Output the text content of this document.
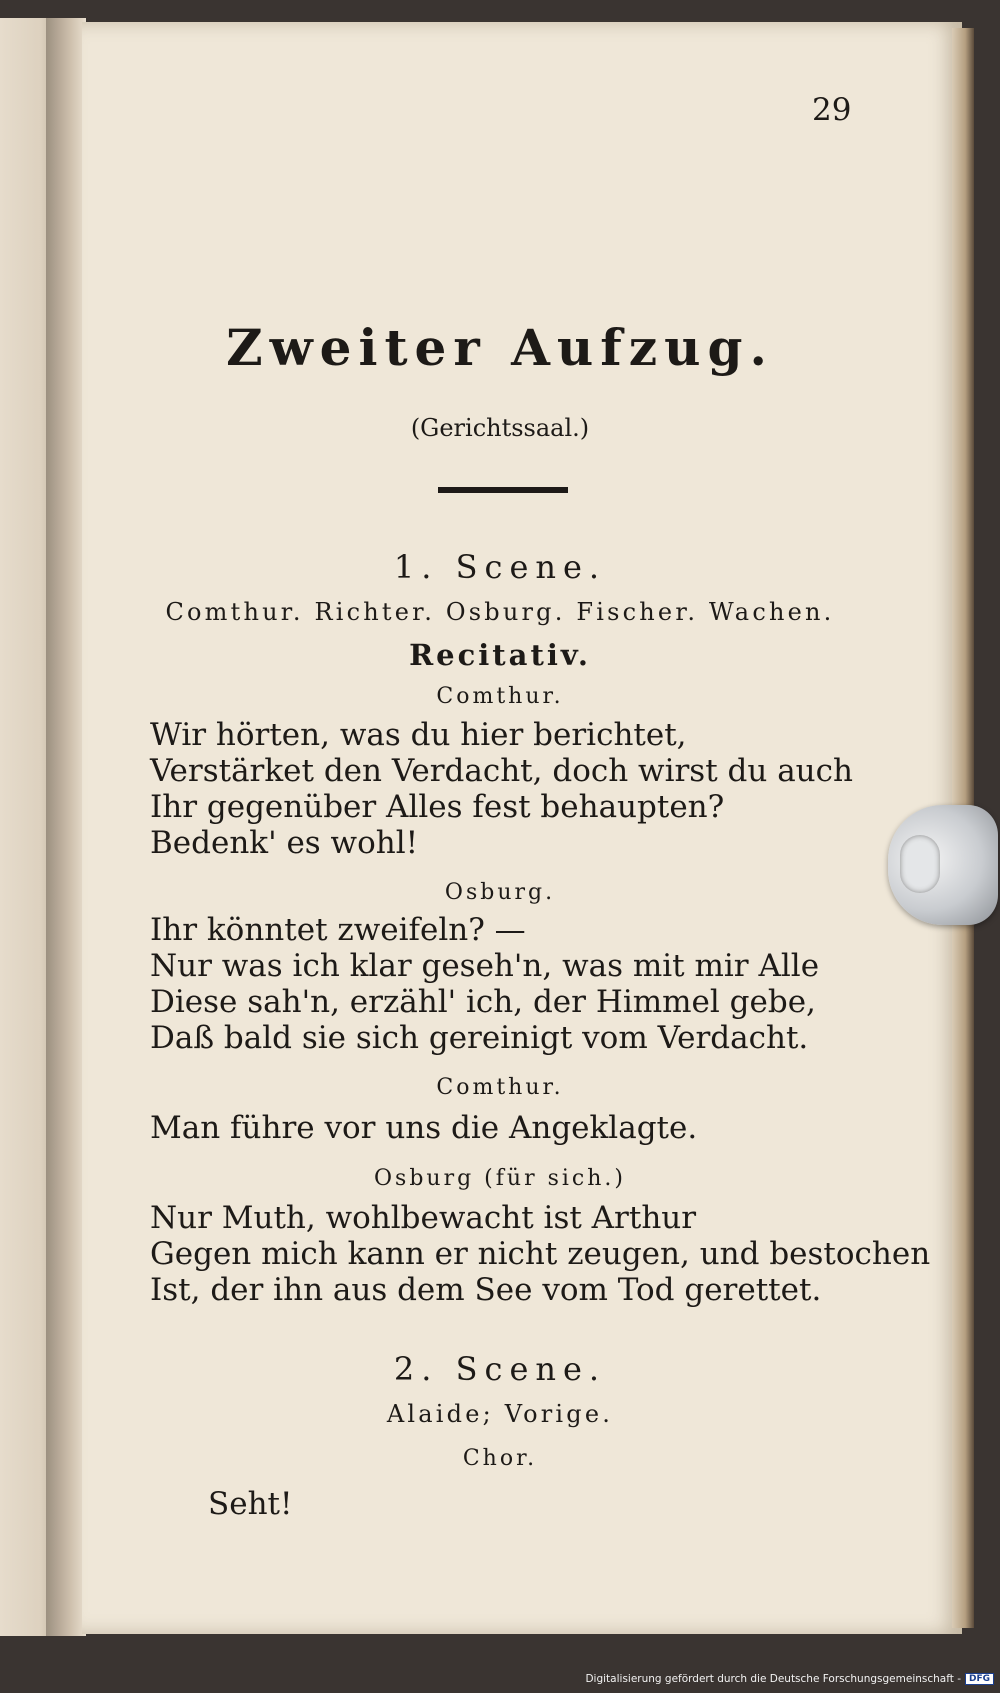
29
Zweiter Aufzug.
(Gerichtssaal.)
1. Scene.
Comthur. Richter. Osburg. Fischer. Wachen.
Recitativ.
Comthur.
Wir hörten, was du hier berichtet,
Verstärket den Verdacht, doch wirst du auch
Ihr gegenüber Alles fest behaupten?
Bedenk' es wohl!
Osburg.
Ihr könntet zweifeln? —
Nur was ich klar geseh'n, was mit mir Alle
Diese sah'n, erzähl' ich, der Himmel gebe,
Daß bald sie sich gereinigt vom Verdacht.
Comthur.
Man führe vor uns die Angeklagte.
Osburg (für sich.)
Nur Muth, wohlbewacht ist Arthur
Gegen mich kann er nicht zeugen, und bestochen
Ist, der ihn aus dem See vom Tod gerettet.
2. Scene.
Alaide; Vorige.
Chor.
Seht!
Digitalisierung gefördert durch die Deutsche Forschungsgemeinschaft - DFG
